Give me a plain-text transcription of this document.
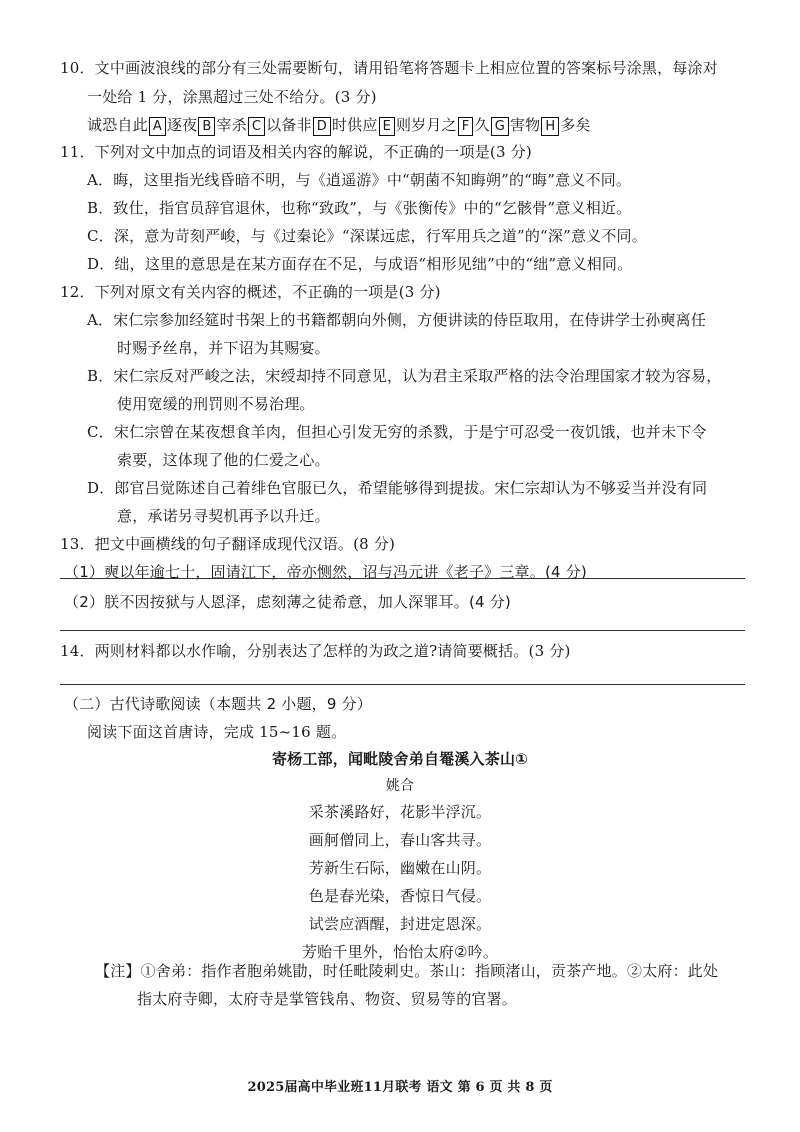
10．文中画波浪线的部分有三处需要断句，请用铅笔将答题卡上相应位置的答案标号涂黑，每涂对
一处给 1 分，涂黑超过三处不给分。(3 分)
诚恐自此 A 逐夜 B 宰杀 C 以备非 D 时供应 E 则岁月之 F 久 G 害物 H 多矣
11．下列对文中加点的词语及相关内容的解说，不正确的一项是(3 分)
A．晦，这里指光线昏暗不明，与《逍遥游》中“朝菌不知晦朔”的“晦”意义不同。
B．致仕，指官员辞官退休，也称“致政”，与《张衡传》中的“乞骸骨”意义相近。
C．深，意为苛刻严峻，与《过秦论》“深谋远虑，行军用兵之道”的“深”意义不同。
D．绌，这里的意思是在某方面存在不足，与成语“相形见绌”中的“绌”意义相同。
12．下列对原文有关内容的概述，不正确的一项是(3 分)
A．宋仁宗参加经筵时书架上的书籍都朝向外侧，方便讲读的侍臣取用，在侍讲学士孙奭离任
时赐予丝帛，并下诏为其赐宴。
B．宋仁宗反对严峻之法，宋绶却持不同意见，认为君主采取严格的法令治理国家才较为容易，
使用宽缓的刑罚则不易治理。
C．宋仁宗曾在某夜想食羊肉，但担心引发无穷的杀戮，于是宁可忍受一夜饥饿，也并未下令
索要，这体现了他的仁爱之心。
D．郎官吕觉陈述自己着绯色官服已久，希望能够得到提拔。宋仁宗却认为不够妥当并没有同
意，承诺另寻契机再予以升迁。
13．把文中画横线的句子翻译成现代汉语。(8 分)
（1）奭以年逾七十，固请江下，帝亦恻然，诏与冯元讲《老子》三章。(4 分)
（2）朕不因按狱与人恩泽，虑刻薄之徒希意，加人深罪耳。(4 分)
14．两则材料都以水作喻，分别表达了怎样的为政之道?请简要概括。(3 分)
（二）古代诗歌阅读（本题共 2 小题，9 分）
阅读下面这首唐诗，完成 15~16 题。
寄杨工部，闻毗陵舍弟自罨溪入茶山①
姚合
采茶溪路好，花影半浮沉。
画舸僧同上，春山客共寻。
芳新生石际，幽嫩在山阴。
色是春光染，香惊日气侵。
试尝应酒醒，封进定恩深。
芳贻千里外，怡怡太府②吟。
【注】①舍弟：指作者胞弟姚勖，时任毗陵刺史。茶山：指顾渚山，贡茶产地。②太府：此处
指太府寺卿，太府寺是掌管钱帛、物资、贸易等的官署。
2025届高中毕业班11月联考 语文 第 6 页 共 8 页
